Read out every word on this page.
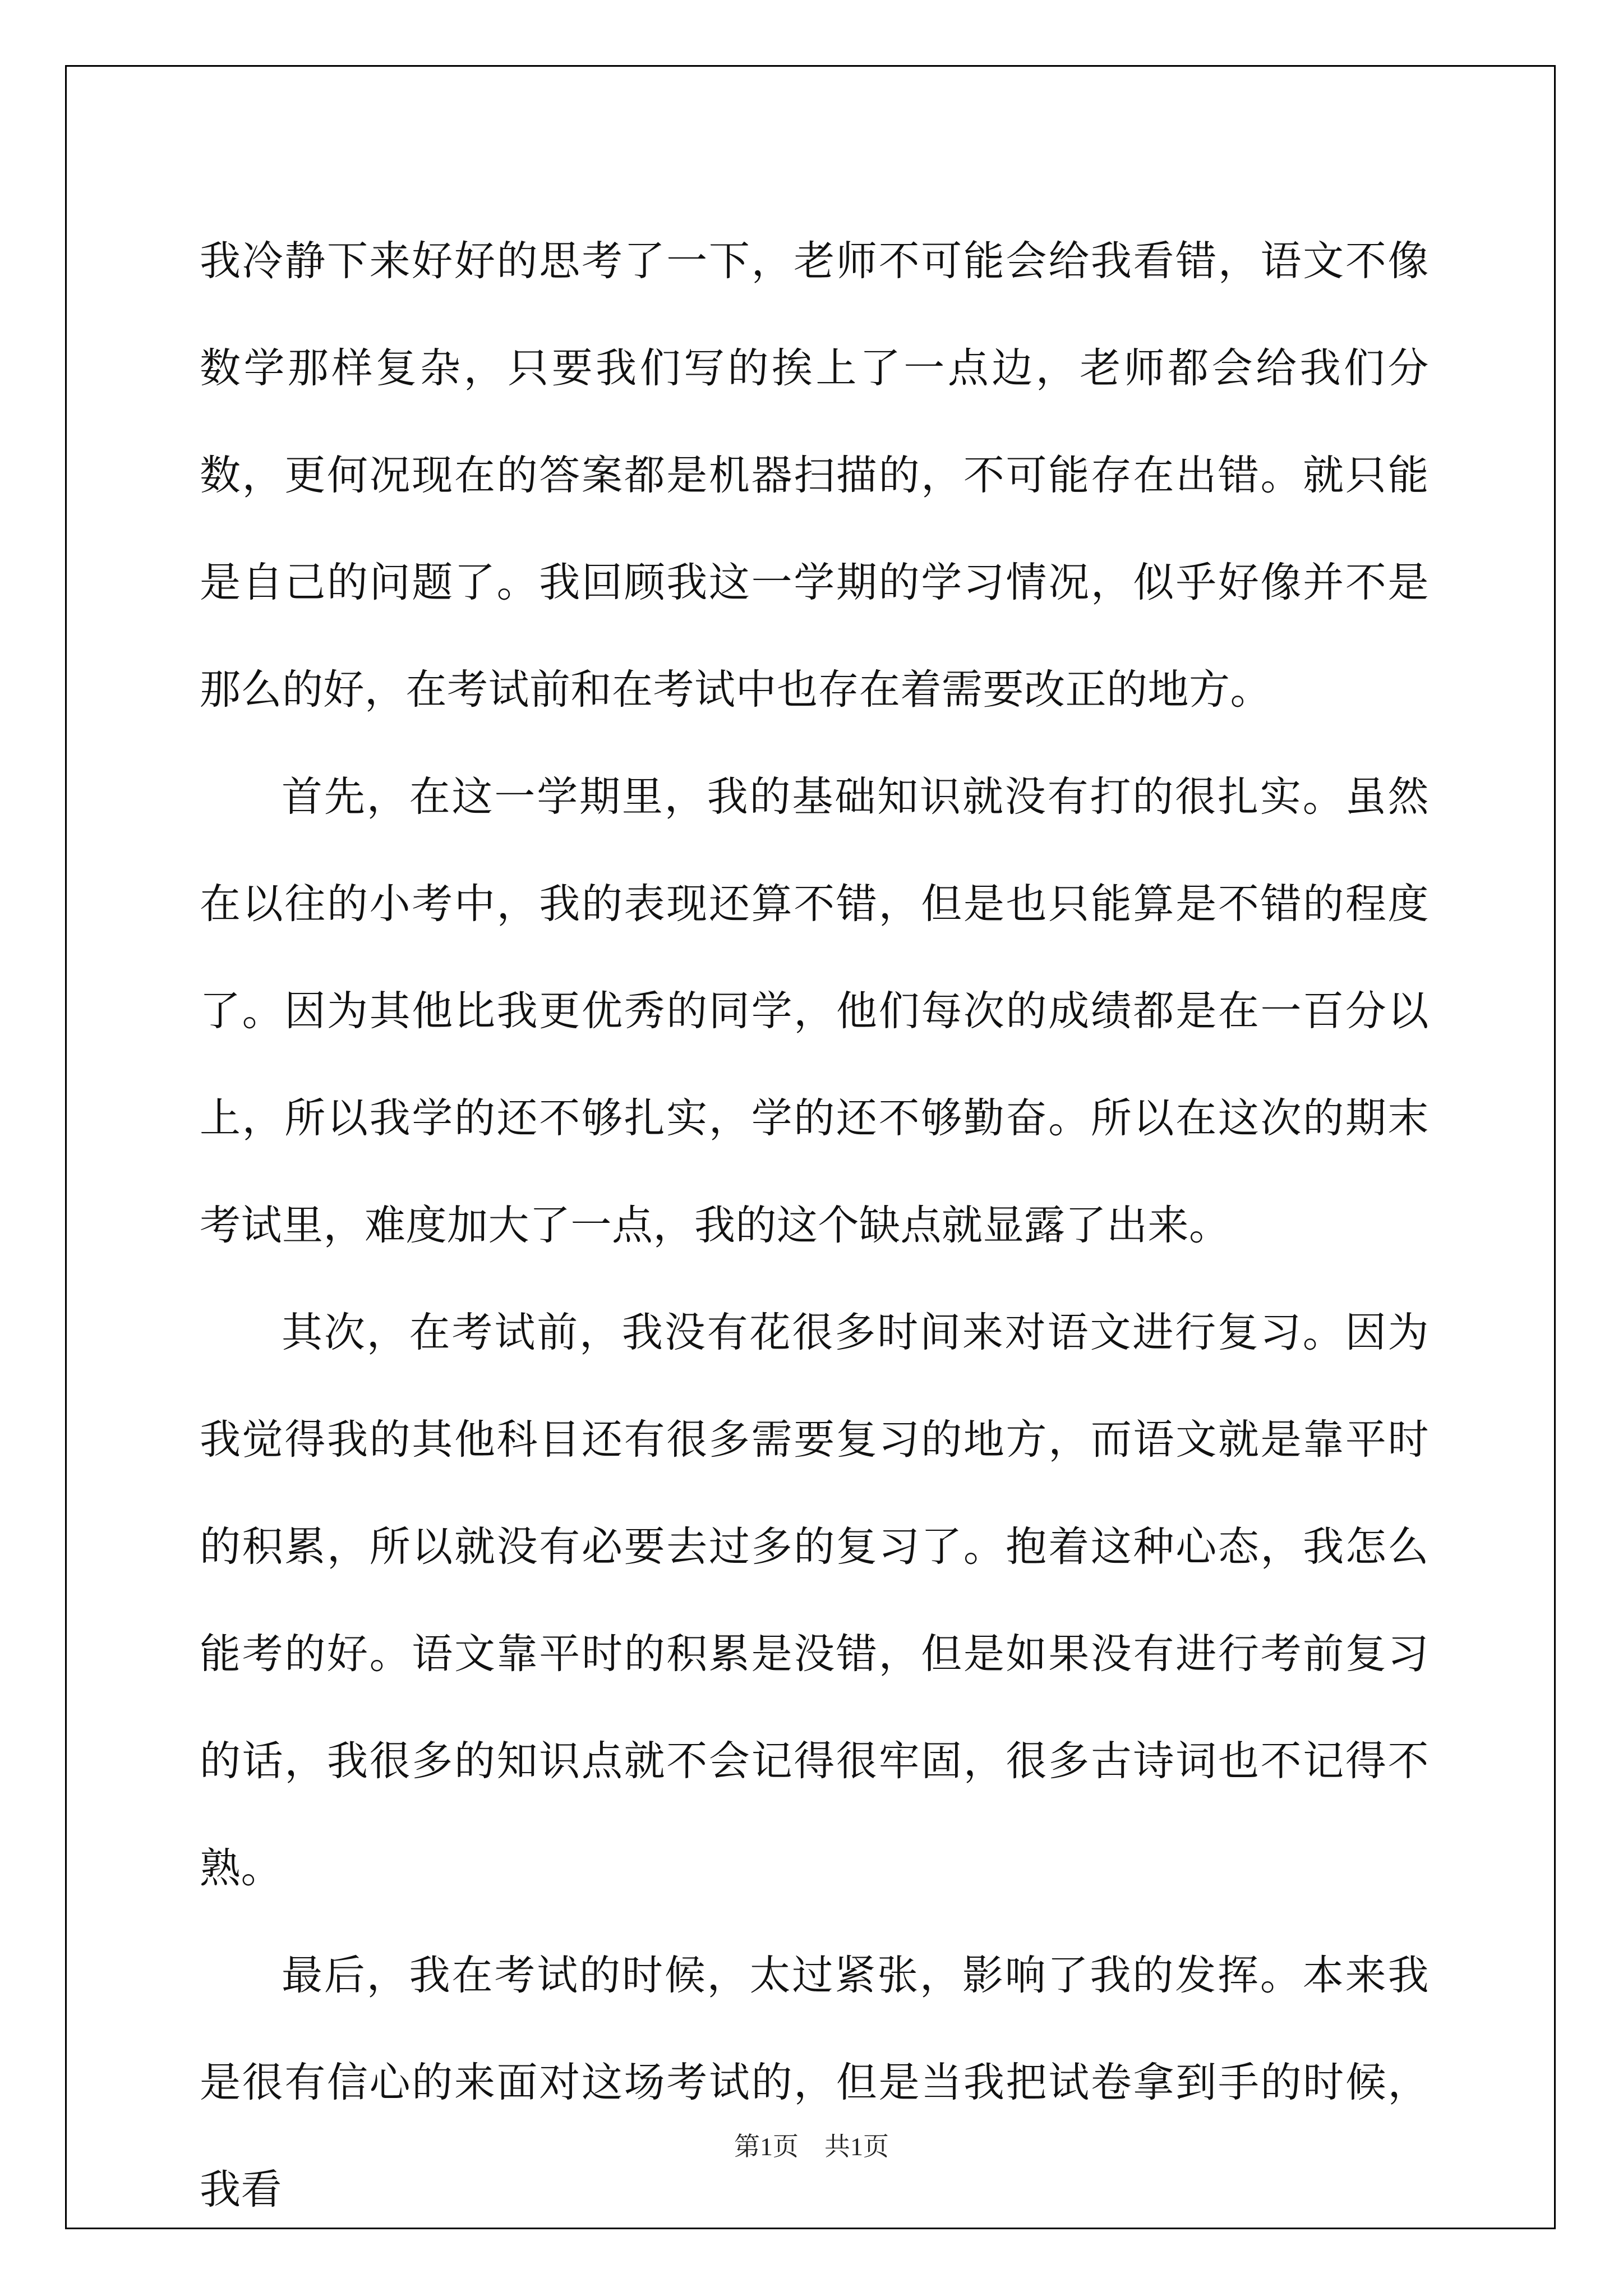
我冷静下来好好的思考了一下，老师不可能会给我看错，语文不像数学那样复杂，只要我们写的挨上了一点边，老师都会给我们分数，更何况现在的答案都是机器扫描的，不可能存在出错。就只能是自己的问题了。我回顾我这一学期的学习情况，似乎好像并不是那么的好，在考试前和在考试中也存在着需要改正的地方。

首先，在这一学期里，我的基础知识就没有打的很扎实。虽然在以往的小考中，我的表现还算不错，但是也只能算是不错的程度了。因为其他比我更优秀的同学，他们每次的成绩都是在一百分以上，所以我学的还不够扎实，学的还不够勤奋。所以在这次的期末考试里，难度加大了一点，我的这个缺点就显露了出来。

其次，在考试前，我没有花很多时间来对语文进行复习。因为我觉得我的其他科目还有很多需要复习的地方，而语文就是靠平时的积累，所以就没有必要去过多的复习了。抱着这种心态，我怎么能考的好。语文靠平时的积累是没错，但是如果没有进行考前复习的话，我很多的知识点就不会记得很牢固，很多古诗词也不记得不熟。

最后，我在考试的时候，太过紧张，影响了我的发挥。本来我是很有信心的来面对这场考试的，但是当我把试卷拿到手的时候，我看

第1页　共1页
